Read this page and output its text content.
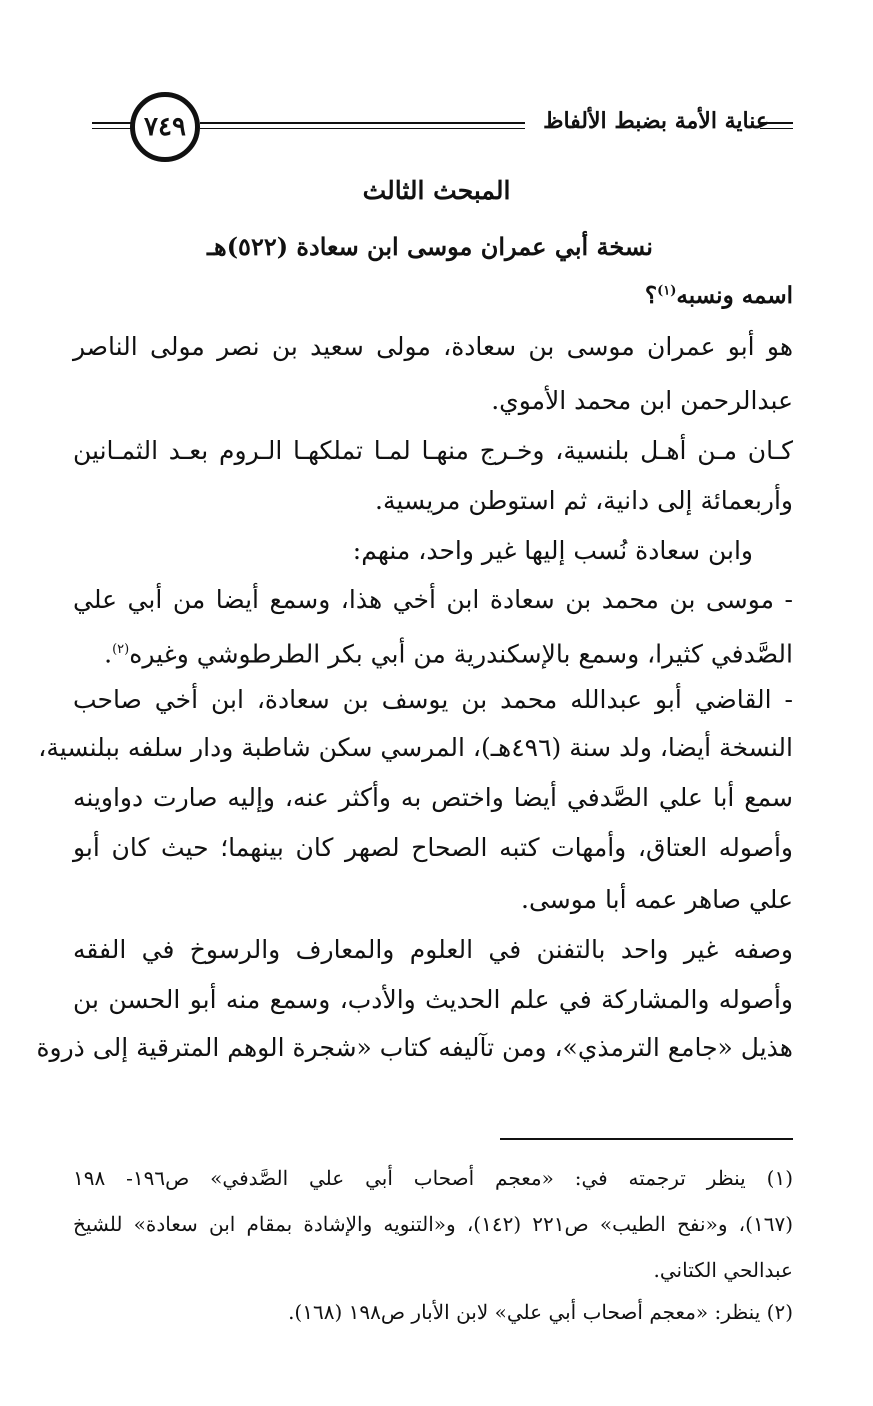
عناية الأمة بضبط الألفاظ
٧٤٩
المبحث الثالث
نسخة أبي عمران موسى ابن سعادة (٥٢٢)هـ
اسمه ونسبه$^{(١)}$؟
هو أبو عمران موسى بن سعادة، مولى سعيد بن نصر مولى الناصر
عبدالرحمن ابن محمد الأموي.
كـان مـن أهـل بلنسية، وخـرج منهـا لمـا تملكهـا الـروم بعـد الثمـانين
وأربعمائة إلى دانية، ثم استوطن مريسية.
وابن سعادة نُسب إليها غير واحد، منهم:
- موسى بن محمد بن سعادة ابن أخي هذا، وسمع أيضا من أبي علي
الصَّدفي كثيرا، وسمع بالإسكندرية من أبي بكر الطرطوشي وغيره$^{(٢)}$.
- القاضي أبو عبدالله محمد بن يوسف بن سعادة، ابن أخي صاحب
النسخة أيضا، ولد سنة (٤٩٦هـ)، المرسي سكن شاطبة ودار سلفه ببلنسية،
سمع أبا علي الصَّدفي أيضا واختص به وأكثر عنه، وإليه صارت دواوينه
وأصوله العتاق، وأمهات كتبه الصحاح لصهر كان بينهما؛ حيث كان أبو
علي صاهر عمه أبا موسى.
وصفه غير واحد بالتفنن في العلوم والمعارف والرسوخ في الفقه
وأصوله والمشاركة في علم الحديث والأدب، وسمع منه أبو الحسن بن
هذيل «جامع الترمذي»، ومن تآليفه كتاب «شجرة الوهم المترقية إلى ذروة
(١) ينظر ترجمته في: «معجم أصحاب أبي علي الصَّدفي» ص١٩٦- ١٩٨
(١٦٧)، و«نفح الطيب» ص٢٢١ (١٤٢)، و«التنويه والإشادة بمقام ابن سعادة» للشيخ
عبدالحي الكتاني.
(٢) ينظر: «معجم أصحاب أبي علي» لابن الأبار ص١٩٨ (١٦٨).
